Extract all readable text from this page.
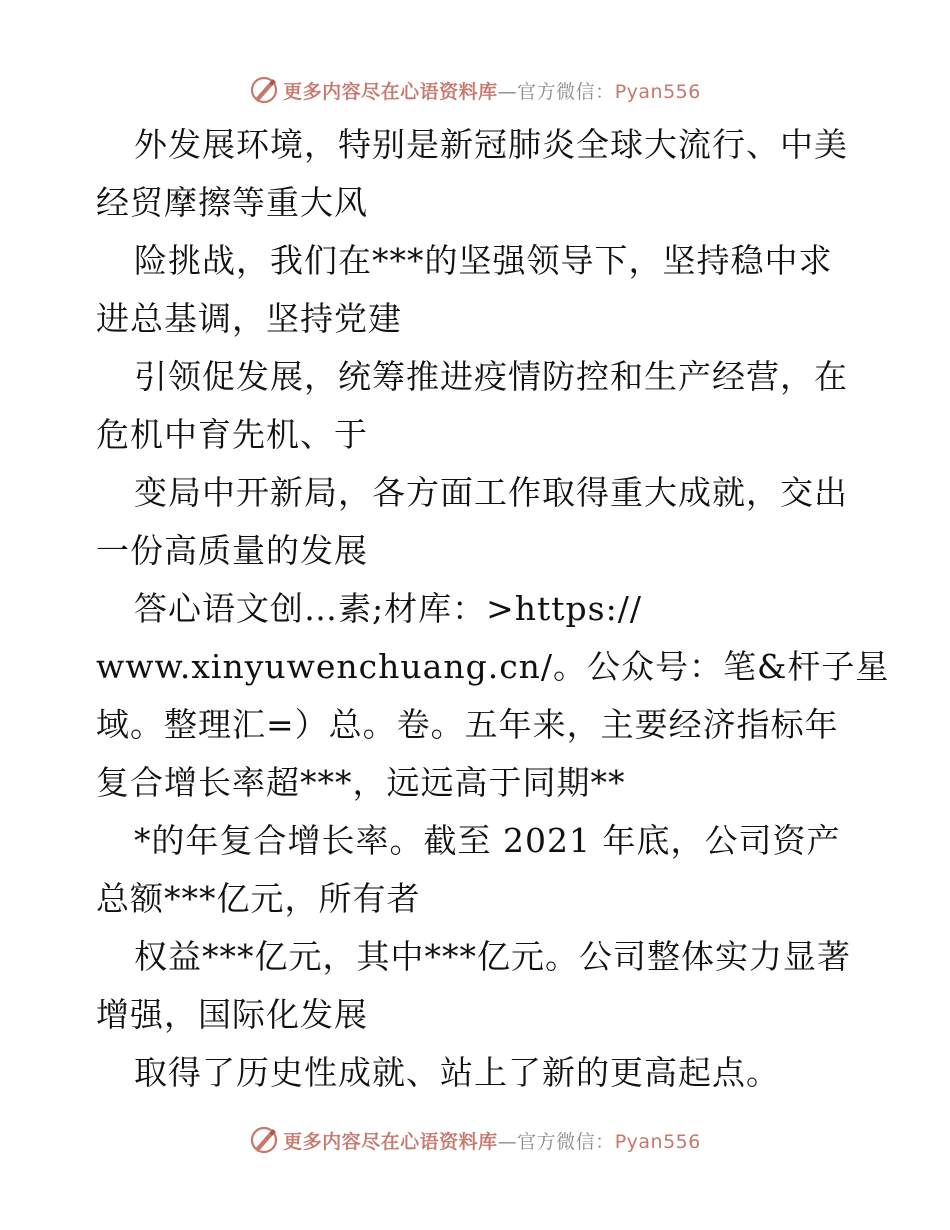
更多内容尽在心语资料库—官方微信：Pyan556
外发展环境，特别是新冠肺炎全球大流行、中美
经贸摩擦等重大风
险挑战，我们在***的坚强领导下，坚持稳中求
进总基调，坚持党建
引领促发展，统筹推进疫情防控和生产经营，在
危机中育先机、于
变局中开新局，各方面工作取得重大成就，交出
一份高质量的发展
答心语文创…素;材库：>https://
www.xinyuwenchuang.cn/。公众号：笔&杆子星
域。整理汇=）总。卷。五年来，主要经济指标年
复合增长率超***，远远高于同期**
*的年复合增长率。截至 2021 年底，公司资产
总额***亿元，所有者
权益***亿元，其中***亿元。公司整体实力显著
增强，国际化发展
取得了历史性成就、站上了新的更高起点。
更多内容尽在心语资料库—官方微信：Pyan556
